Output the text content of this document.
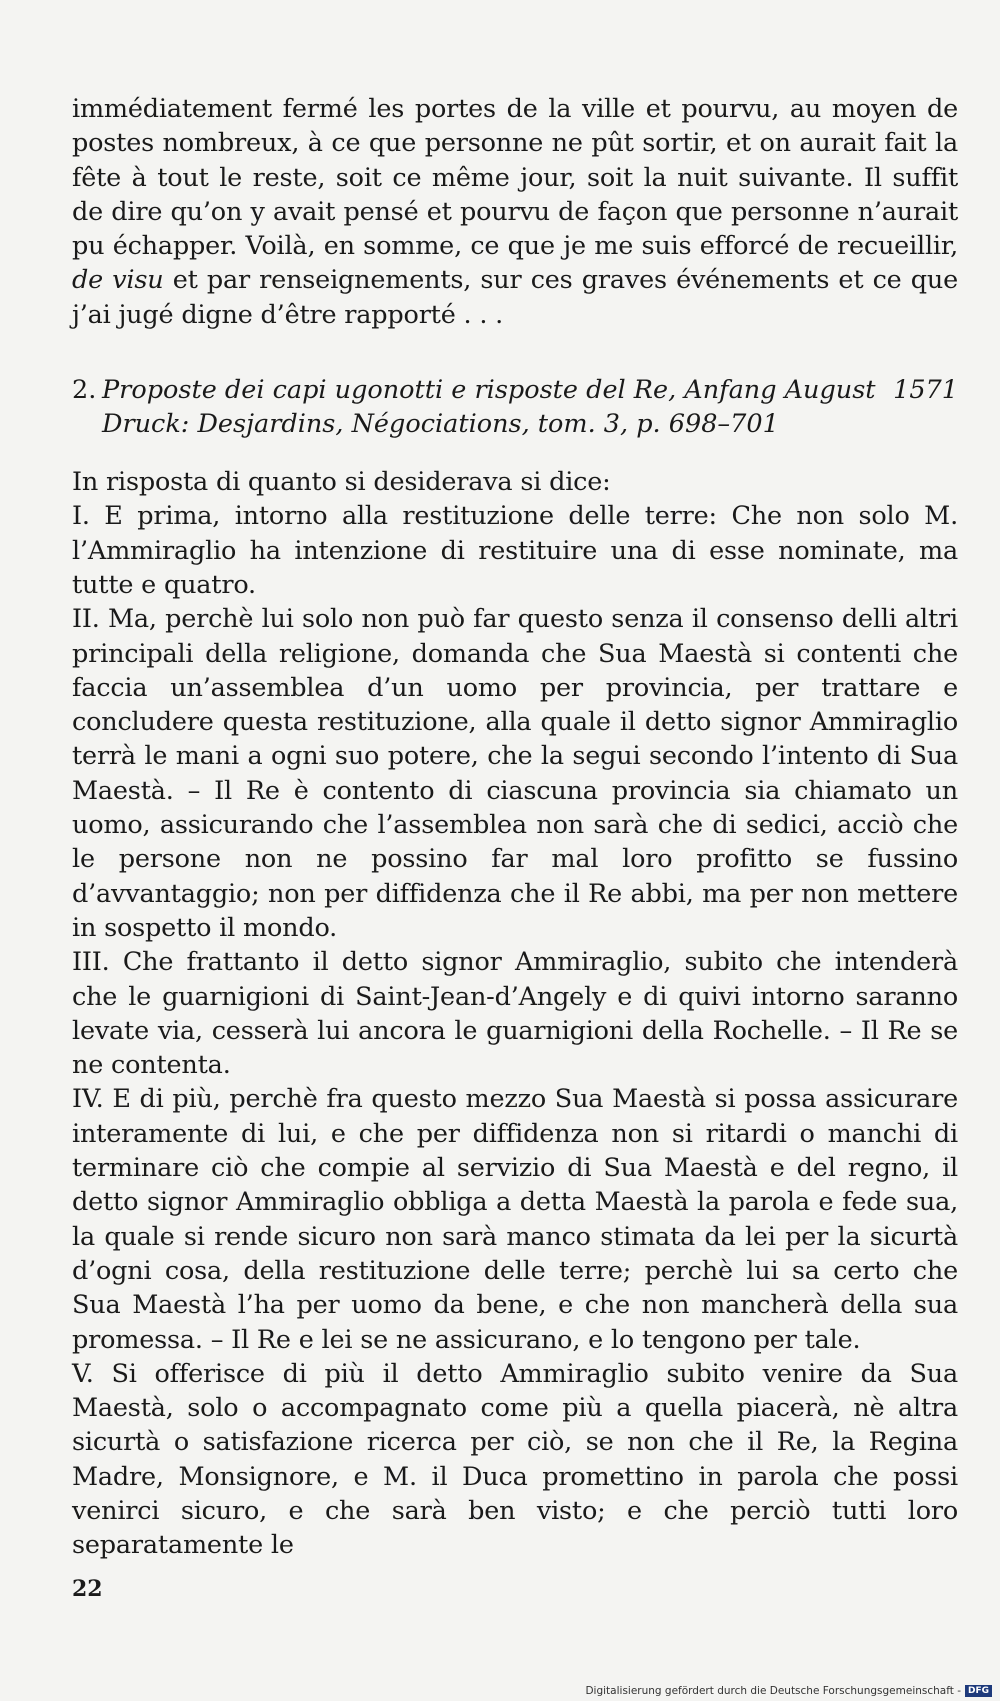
immédiatement fermé les portes de la ville et pourvu, au moyen de postes nombreux, à ce que personne ne pût sortir, et on aurait fait la fête à tout le reste, soit ce même jour, soit la nuit suivante. Il suffit de dire qu’on y avait pensé et pourvu de façon que personne n’aurait pu échapper. Voilà, en somme, ce que je me suis efforcé de recueillir, de visu et par renseignements, sur ces graves événements et ce que j’ai jugé digne d’être rapporté . . .

2. Proposte dei capi ugonotti e risposte del Re, Anfang August 1571
Druck: Desjardins, Négociations, tom. 3, p. 698–701

In risposta di quanto si desiderava si dice:

I. E prima, intorno alla restituzione delle terre: Che non solo M. l’Ammiraglio ha intenzione di restituire una di esse nominate, ma tutte e quatro.

II. Ma, perchè lui solo non può far questo senza il consenso delli altri principali della religione, domanda che Sua Maestà si contenti che faccia un’assemblea d’un uomo per provincia, per trattare e concludere questa restituzione, alla quale il detto signor Ammiraglio terrà le mani a ogni suo potere, che la segui secondo l’intento di Sua Maestà. – Il Re è contento di ciascuna provincia sia chiamato un uomo, assicurando che l’assemblea non sarà che di sedici, acciò che le persone non ne possino far mal loro profitto se fussino d’avvantaggio; non per diffidenza che il Re abbi, ma per non mettere in sospetto il mondo.

III. Che frattanto il detto signor Ammiraglio, subito che intenderà che le guarnigioni di Saint-Jean-d’Angely e di quivi intorno saranno levate via, cesserà lui ancora le guarnigioni della Rochelle. – Il Re se ne contenta.

IV. E di più, perchè fra questo mezzo Sua Maestà si possa assicurare interamente di lui, e che per diffidenza non si ritardi o manchi di terminare ciò che compie al servizio di Sua Maestà e del regno, il detto signor Ammiraglio obbliga a detta Maestà la parola e fede sua, la quale si rende sicuro non sarà manco stimata da lei per la sicurtà d’ogni cosa, della restituzione delle terre; perchè lui sa certo che Sua Maestà l’ha per uomo da bene, e che non mancherà della sua promessa. – Il Re e lei se ne assicurano, e lo tengono per tale.

V. Si offerisce di più il detto Ammiraglio subito venire da Sua Maestà, solo o accompagnato come più a quella piacerà, nè altra sicurtà o satisfazione ricerca per ciò, se non che il Re, la Regina Madre, Monsignore, e M. il Duca promettino in parola che possi venirci sicuro, e che sarà ben visto; e che perciò tutti loro separatamente le

22
Digitalisierung gefördert durch die Deutsche Forschungsgemeinschaft - DFG
